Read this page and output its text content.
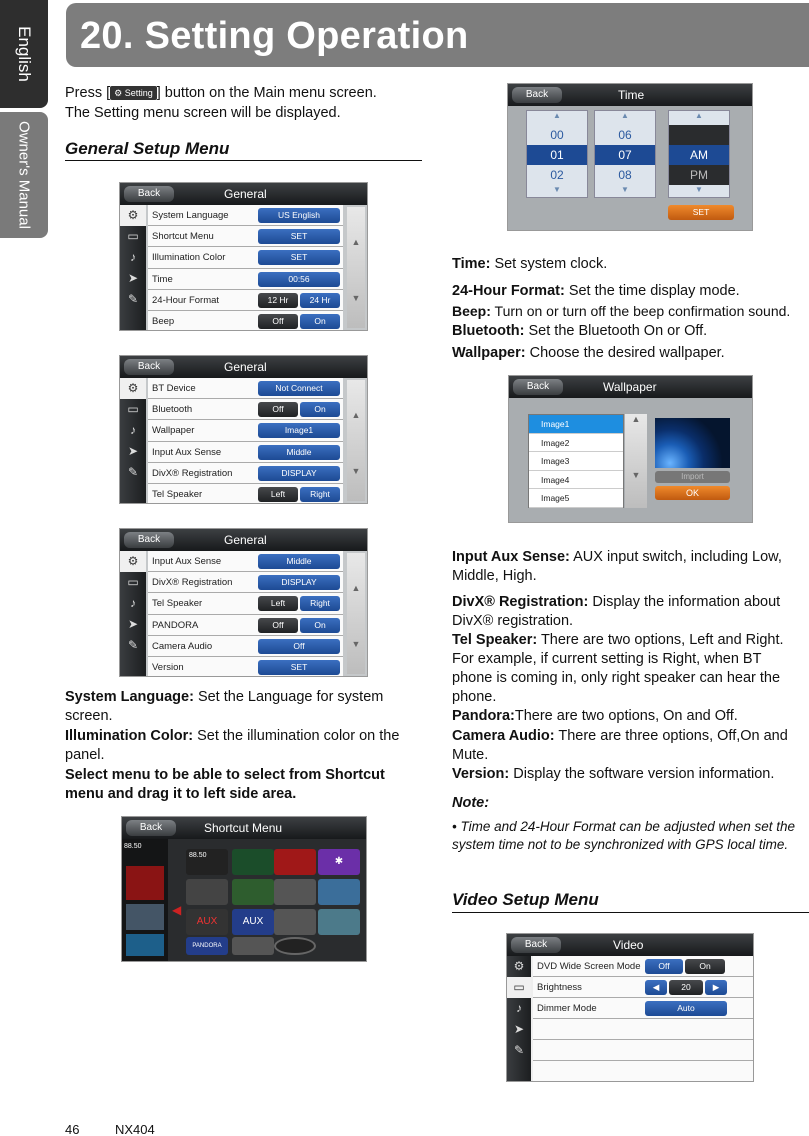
English
Owner's Manual
20. Setting Operation
Press [ ⚙ Setting ] button on the Main menu screen.
The Setting menu screen will be displayed.
General Setup Menu
Back	General
⚙
▭
♪
➤
✎
System Language	US English
Shortcut Menu	SET
Illumination Color	SET
Time	00:56
24-Hour Format	12 Hr	24 Hr
Beep	Off	On
▲
▼
Back	General
⚙
▭
♪
➤
✎
BT Device	Not Connect
Bluetooth	Off	On
Wallpaper	Image1
Input Aux Sense	Middle
DivX® Registration	DISPLAY
Tel Speaker	Left	Right
▲
▼
Back	General
⚙
▭
♪
➤
✎
Input Aux Sense	Middle
DivX® Registration	DISPLAY
Tel Speaker	Left	Right
PANDORA	Off	On
Camera Audio	Off
Version	SET
▲
▼
System Language: Set the Language for system screen.
Illumination Color: Set the illumination color on the panel.
Select menu to be able to select from Shortcut menu and drag it to left side area.
Back	Shortcut Menu
88.50
◀
88.50
✱
AUX	AUX
PANDORA
Back	Time
▲
00
01
02
▼
▲
06
07
08
▼
▲
AM
PM
▼
SET
Time: Set system clock.
24-Hour Format: Set the time display mode.
Beep: Turn on or turn off the beep confirmation sound.
Bluetooth: Set the Bluetooth On or Off.
Wallpaper: Choose the desired wallpaper.
Back	Wallpaper
Image1
Image2
Image3
Image4
Image5
▲
▼	Import
OK
Input Aux Sense: AUX input switch, including Low, Middle, High.
DivX® Registration: Display the information about DivX® registration.
Tel Speaker: There are two options, Left and Right. For example, if current setting is Right, when BT phone is coming in, only right speaker can hear the phone.
Pandora:There are two options, On and Off.
Camera Audio: There are three options, Off,On and Mute.
Version: Display the software version information.
Note:
• Time and 24-Hour Format can be adjusted when set the system time not to be synchronized with GPS local time.
Video Setup Menu
Back	Video
⚙
▭
♪
➤
✎
DVD Wide Screen Mode	Off	On
Brightness	◀	20	▶
Dimmer Mode	Auto
46	NX404
